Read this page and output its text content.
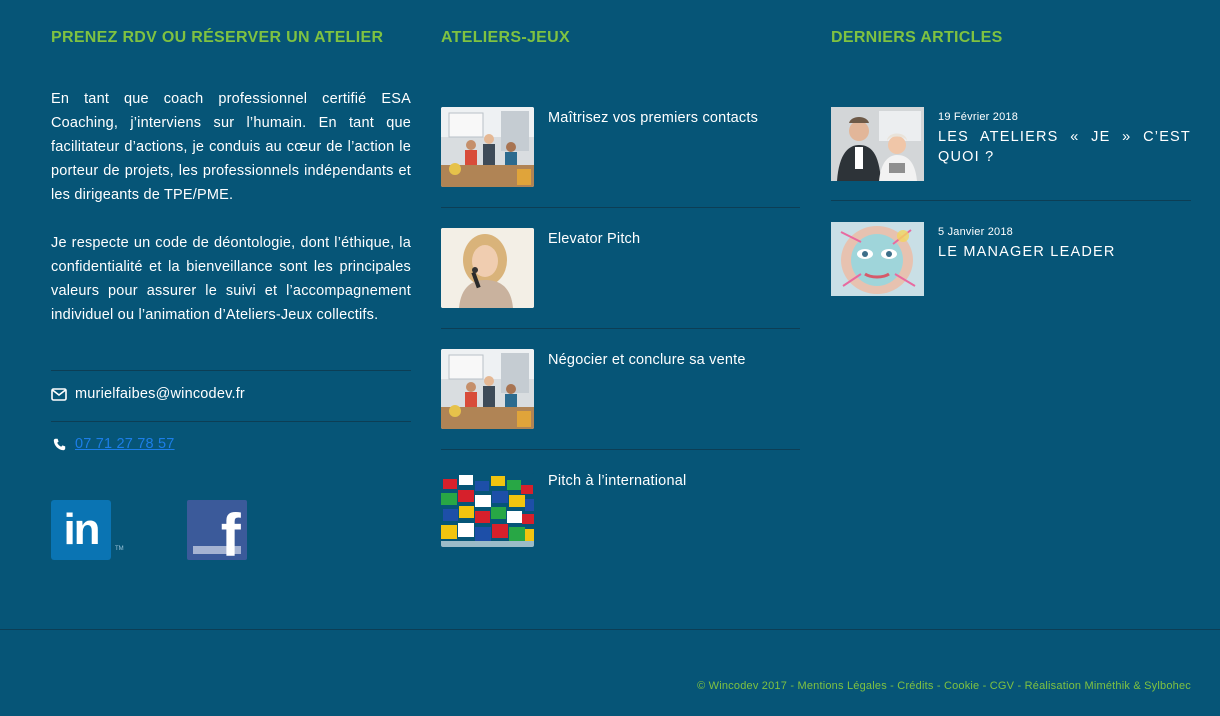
PRENEZ RDV OU RÉSERVER UN ATELIER

En tant que coach professionnel certifié ESA Coaching, j’interviens sur l’humain. En tant que facilitateur d’actions, je conduis au cœur de l’action le porteur de projets, les professionnels indépendants et les dirigeants de TPE/PME.

Je respecte un code de déontologie, dont l’éthique, la confidentialité et la bienveillance sont les principales valeurs pour assurer le suivi et l’accompagnement individuel ou l’animation d’Ateliers-Jeux collectifs.

murielfaibes@wincodev.fr
07 71 27 78 57
in	TM f
ATELIERS-JEUX
Maîtrisez vos premiers contacts
Elevator Pitch
Négocier et conclure sa vente
Pitch à l’international
DERNIERS ARTICLES
19 Février 2018
LES ATELIERS « JE » C’EST QUOI ?
5 Janvier 2018
LE MANAGER LEADER
© Wincodev 2017 - Mentions Légales - Crédits - Cookie - CGV - Réalisation Miméthik & Sylbohec
